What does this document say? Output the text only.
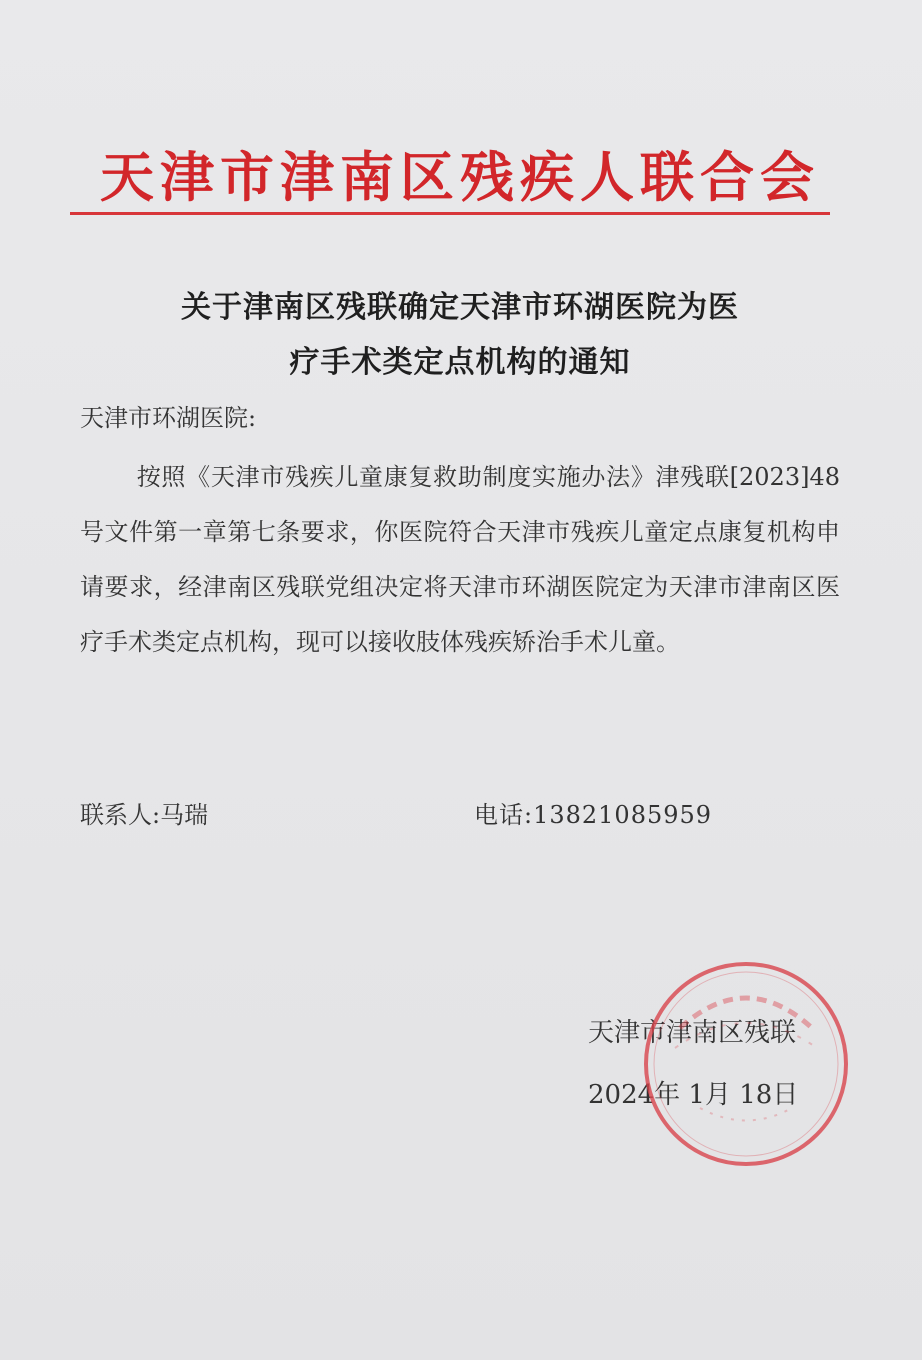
天津市津南区残疾人联合会
关于津南区残联确定天津市环湖医院为医
疗手术类定点机构的通知
天津市环湖医院:
按照《天津市残疾儿童康复救助制度实施办法》津残联[2023]48 号文件第一章第七条要求，你医院符合天津市残疾儿童定点康复机构申请要求，经津南区残联党组决定将天津市环湖医院定为天津市津南区医疗手术类定点机构，现可以接收肢体残疾矫治手术儿童。
联系人:马瑞	电话:13821085959
天津市津南区残联
2024年 1月 18日
